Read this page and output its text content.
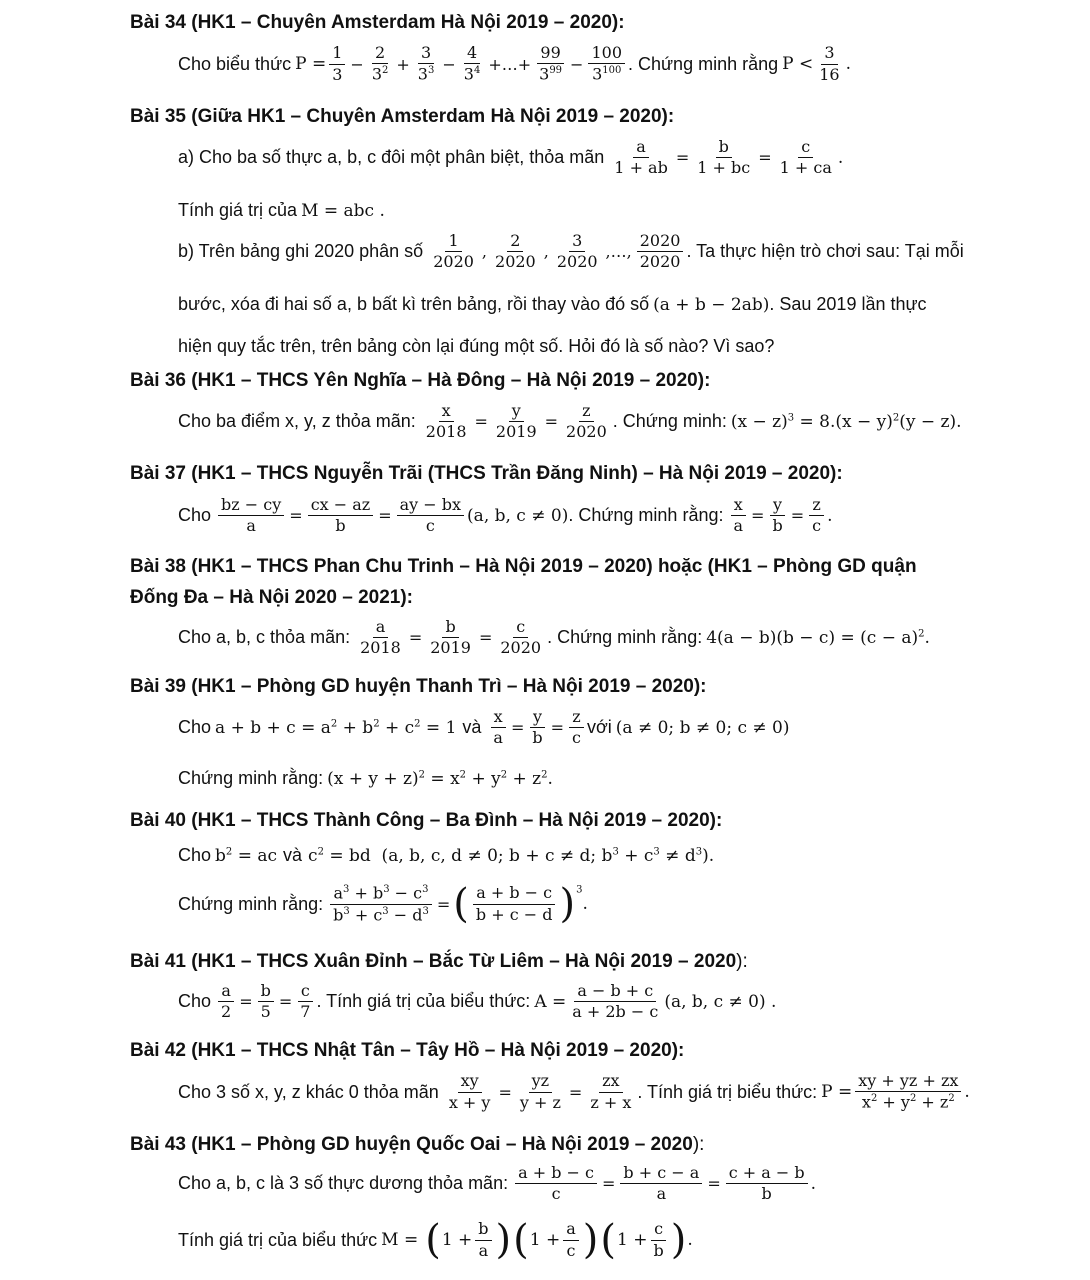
Bài 34 (HK1 – Chuyên Amsterdam Hà Nội 2019 – 2020):
Cho biểu thức $P = \frac{1}{3} - \frac{2}{3^2} + \frac{3}{3^3} - \frac{4}{3^4}$ +…+ $\frac{99}{3^{99}} - \frac{100}{3^{100}}$ . Chứng minh rằng $P < \frac{3}{16}$ .
Bài 35 (Giữa HK1 – Chuyên Amsterdam Hà Nội 2019 – 2020):
a) Cho ba số thực a, b, c đôi một phân biệt, thỏa mãn $\frac{a}{1 + ab} = \frac{b}{1 + bc} = \frac{c}{1 + ca}$ .
Tính giá trị của M = abc .
b) Trên bảng ghi 2020 phân số $\frac{1}{2020}$ , $\frac{2}{2020}$ , $\frac{3}{2020}$ ,…, $\frac{2020}{2020}$ . Ta thực hiện trò chơi sau: Tại mỗi
bước, xóa đi hai số a, b bất kì trên bảng, rồi thay vào đó số (a + b − 2ab) . Sau 2019 lần thực
hiện quy tắc trên, trên bảng còn lại đúng một số. Hỏi đó là số nào? Vì sao?
Bài 36 (HK1 – THCS Yên Nghĩa – Hà Đông – Hà Nội 2019 – 2020):
Cho ba điểm x, y, z thỏa mãn: $\frac{x}{2018} = \frac{y}{2019} = \frac{z}{2020}$ . Chứng minh: $(x - z)^3 = 8.(x - y)^2(y - z)$.
Bài 37 (HK1 – THCS Nguyễn Trãi (THCS Trần Đăng Ninh) – Hà Nội 2019 – 2020):
Cho $\frac{bz - cy}{a} = \frac{cx - az}{b} = \frac{ay - bx}{c} (a$, b, c ≠ 0) . Chứng minh rằng: $\frac{x}{a} = \frac{y}{b} = \frac{z}{c}$ .
Bài 38 (HK1 – THCS Phan Chu Trinh – Hà Nội 2019 – 2020) hoặc (HK1 – Phòng GD quận
Đống Đa – Hà Nội 2020 – 2021):
Cho a, b, c thỏa mãn: $\frac{a}{2018} = \frac{b}{2019} = \frac{c}{2020}$ . Chứng minh rằng: $4(a - b)(b - c) = (c - a)^2$.
Bài 39 (HK1 – Phòng GD huyện Thanh Trì – Hà Nội 2019 – 2020):
Cho $a + b + c = a^2 + b^2 + c^2 = 1$ và $\frac{x}{a} = \frac{y}{b} = \frac{z}{c}$ với (a ≠ 0; b ≠ 0; c ≠ 0)
Chứng minh rằng: $(x + y + z)^2 = x^2 + y^2 + z^2$.
Bài 40 (HK1 – THCS Thành Công – Ba Đình – Hà Nội 2019 – 2020):
Cho $b^2$ = ac và $c^2$ = bd  (a, b, c, d ≠ 0; b + c ≠ d; $b^3 + c^3 \ne d^3$).
Chứng minh rằng: $\frac{a^3 + b^3 - c^3}{b^3 + c^3 - d^3}$ = ( $\frac{a + b - c}{b + c - d}$ ) $^3$
.
Bài 41 (HK1 – THCS Xuân Đỉnh – Bắc Từ Liêm – Hà Nội 2019 – 2020):
Cho $\frac{a}{2} = \frac{b}{5} = \frac{c}{7}$ . Tính giá trị của biểu thức: $A = \frac{a - b + c}{a + 2b - c} (a$, b, c ≠ 0) .
Bài 42 (HK1 – THCS Nhật Tân – Tây Hồ – Hà Nội 2019 – 2020):
Cho 3 số x, y, z khác 0 thỏa mãn $\frac{xy}{x + y} = \frac{yz}{y + z} = \frac{zx}{z + x}$ . Tính giá trị biểu thức: $P = \frac{xy + yz + zx}{x^2 + y^2 + z^2}$ .
Bài 43 (HK1 – Phòng GD huyện Quốc Oai – Hà Nội 2019 – 2020):
Cho a, b, c là 3 số thực dương thỏa mãn: $\frac{a + b - c}{c} = \frac{b + c - a}{a} = \frac{c + a - b}{b}$ .
Tính giá trị của biểu thức M = ( $1 + \frac{b}{a}$ ) ( $1 + \frac{a}{c}$ ) ( $1 + \frac{c}{b}$ ) .
